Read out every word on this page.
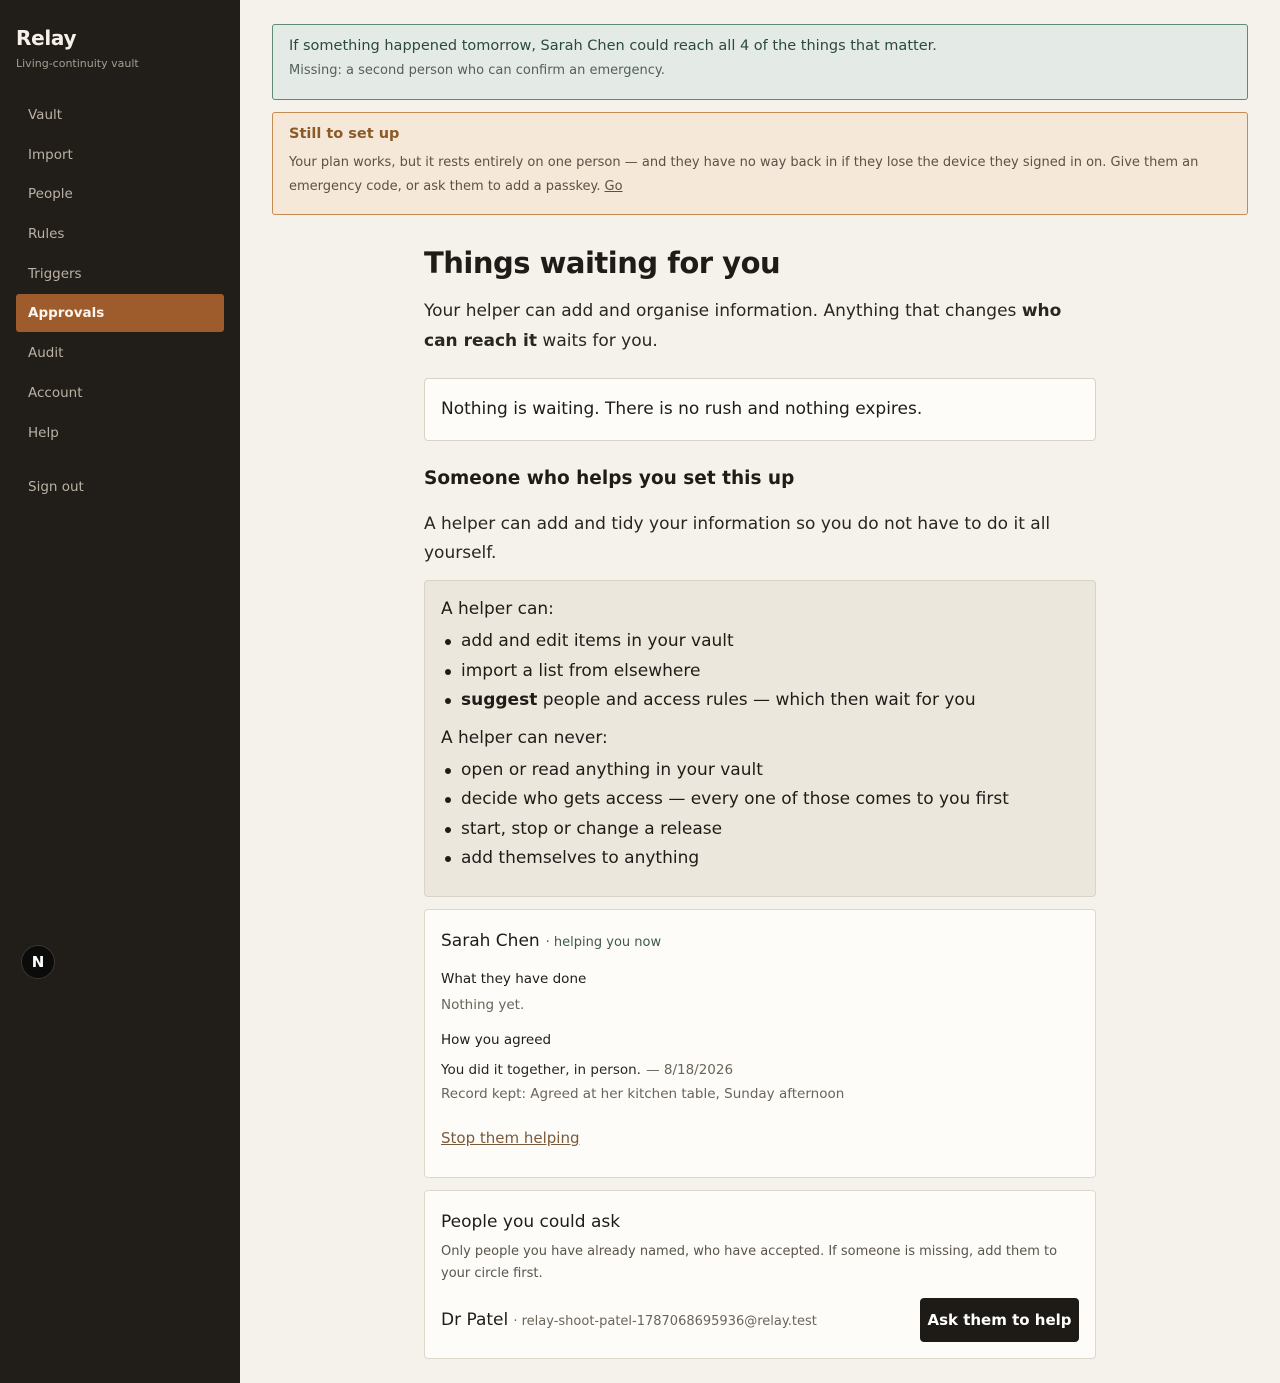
Relay
Living-continuity vault
Vault
Import
People
Rules
Triggers
Approvals
Audit
Account
Help
Sign out
N
If something happened tomorrow, Sarah Chen could reach all 4 of the things that matter.
Missing: a second person who can confirm an emergency.
Still to set up
Your plan works, but it rests entirely on one person — and they have no way back in if they lose the device they signed in on. Give them an emergency code, or ask them to add a passkey. Go
Things waiting for you

Your helper can add and organise information. Anything that changes who can reach it waits for you.

Nothing is waiting. There is no rush and nothing expires.
Someone who helps you set this up

A helper can add and tidy your information so you do not have to do it all yourself.

A helper can:
add and edit items in your vault
import a list from elsewhere
suggest people and access rules — which then wait for you
A helper can never:
open or read anything in your vault
decide who gets access — every one of those comes to you first
start, stop or change a release
add themselves to anything
Sarah Chen · helping you now
What they have done
Nothing yet.
How you agreed
You did it together, in person. — 8/18/2026
Record kept: Agreed at her kitchen table, Sunday afternoon
Stop them helping
People you could ask
Only people you have already named, who have accepted. If someone is missing, add them to your circle first.
Dr Patel · relay-shoot-patel-1787068695936@relay.test	Ask them to help
